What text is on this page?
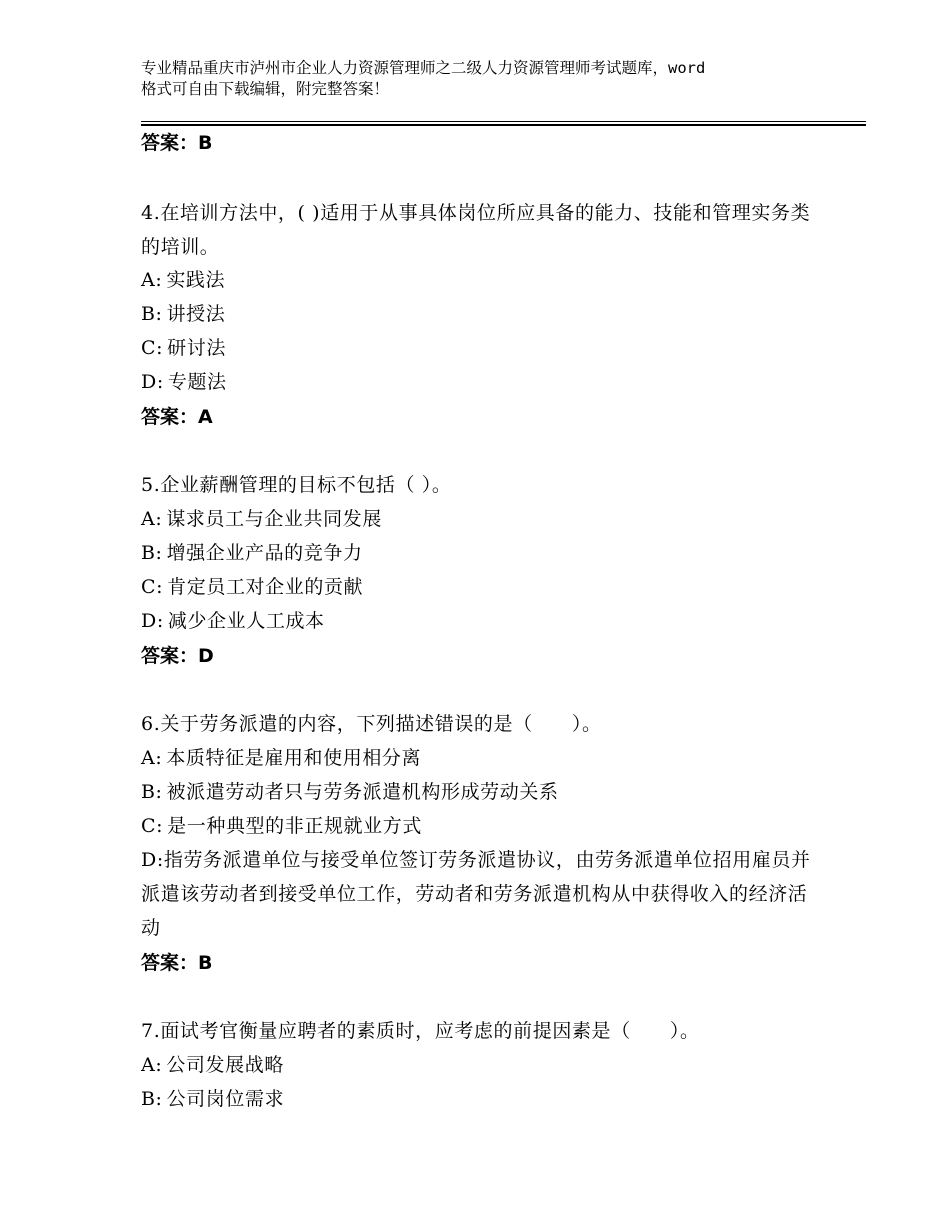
专业精品重庆市泸州市企业人力资源管理师之二级人力资源管理师考试题库，word
格式可自由下载编辑，附完整答案！
答案：B
4.在培训方法中，( )适用于从事具体岗位所应具备的能力、技能和管理实务类的培训。
A: 实践法
B: 讲授法
C: 研讨法
D: 专题法
答案：A
5.企业薪酬管理的目标不包括（ ）。
A: 谋求员工与企业共同发展
B: 增强企业产品的竞争力
C: 肯定员工对企业的贡献
D: 减少企业人工成本
答案：D
6.关于劳务派遣的内容，下列描述错误的是（　　）。
A: 本质特征是雇用和使用相分离
B: 被派遣劳动者只与劳务派遣机构形成劳动关系
C: 是一种典型的非正规就业方式
D:指劳务派遣单位与接受单位签订劳务派遣协议，由劳务派遣单位招用雇员并派遣该劳动者到接受单位工作，劳动者和劳务派遣机构从中获得收入的经济活动
答案：B
7.面试考官衡量应聘者的素质时，应考虑的前提因素是（　　）。
A: 公司发展战略
B: 公司岗位需求
